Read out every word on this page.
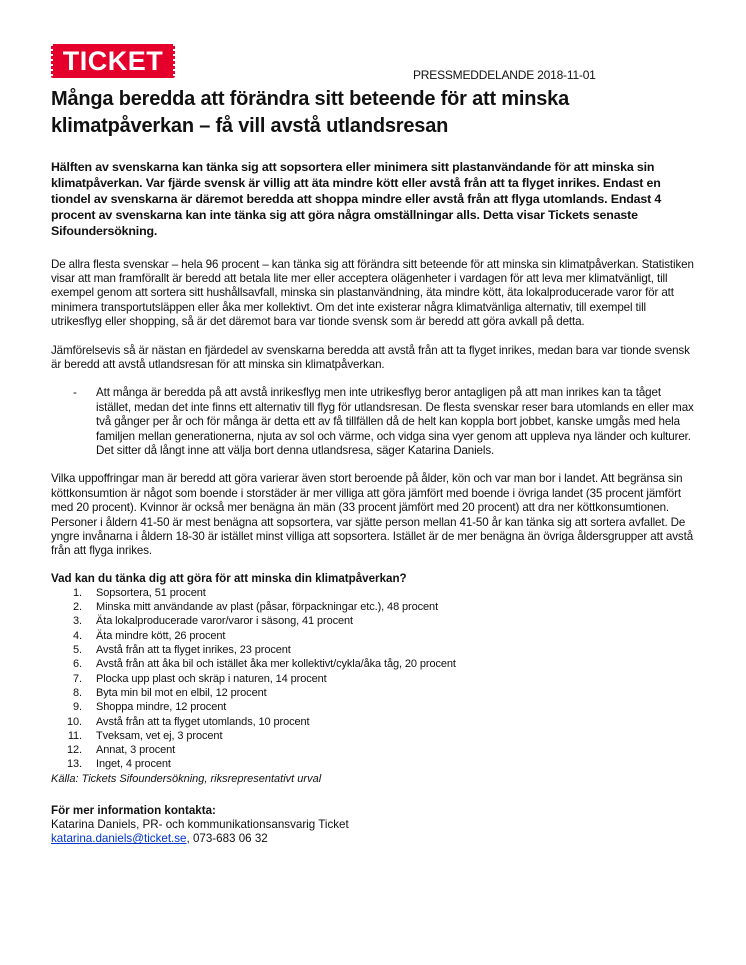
TICKET	PRESSMEDDELANDE 2018-11-01
Många beredda att förändra sitt beteende för att minska klimatpåverkan – få vill avstå utlandsresan

Hälften av svenskarna kan tänka sig att sopsortera eller minimera sitt plastanvändande för att minska sin klimatpåverkan. Var fjärde svensk är villig att äta mindre kött eller avstå från att ta flyget inrikes. Endast en tiondel av svenskarna är däremot beredda att shoppa mindre eller avstå från att flyga utomlands. Endast 4 procent av svenskarna kan inte tänka sig att göra några omställningar alls. Detta visar Tickets senaste Sifoundersökning.

De allra flesta svenskar – hela 96 procent – kan tänka sig att förändra sitt beteende för att minska sin klimatpåverkan. Statistiken visar att man framförallt är beredd att betala lite mer eller acceptera olägenheter i vardagen för att leva mer klimatvänligt, till exempel genom att sortera sitt hushållsavfall, minska sin plastanvändning, äta mindre kött, äta lokalproducerade varor för att minimera transportutsläppen eller åka mer kollektivt. Om det inte existerar några klimatvänliga alternativ, till exempel till utrikesflyg eller shopping, så är det däremot bara var tionde svensk som är beredd att göra avkall på detta.

Jämförelsevis så är nästan en fjärdedel av svenskarna beredda att avstå från att ta flyget inrikes, medan bara var tionde svensk är beredd att avstå utlandsresan för att minska sin klimatpåverkan.

- Att många är beredda på att avstå inrikesflyg men inte utrikesflyg beror antagligen på att man inrikes kan ta tåget istället, medan det inte finns ett alternativ till flyg för utlandsresan. De flesta svenskar reser bara utomlands en eller max två gånger per år och för många är detta ett av få tillfällen då de helt kan koppla bort jobbet, kanske umgås med hela familjen mellan generationerna, njuta av sol och värme, och vidga sina vyer genom att uppleva nya länder och kulturer. Det sitter då långt inne att välja bort denna utlandsresa, säger Katarina Daniels.

Vilka uppoffringar man är beredd att göra varierar även stort beroende på ålder, kön och var man bor i landet. Att begränsa sin köttkonsumtion är något som boende i storstäder är mer villiga att göra jämfört med boende i övriga landet (35 procent jämfört med 20 procent). Kvinnor är också mer benägna än män (33 procent jämfört med 20 procent) att dra ner köttkonsumtionen. Personer i åldern 41-50 är mest benägna att sopsortera, var sjätte person mellan 41-50 år kan tänka sig att sortera avfallet. De yngre invånarna i åldern 18-30 är istället minst villiga att sopsortera. Istället är de mer benägna än övriga åldersgrupper att avstå från att flyga inrikes.

Vad kan du tänka dig att göra för att minska din klimatpåverkan?
1. Sopsortera, 51 procent
2. Minska mitt användande av plast (påsar, förpackningar etc.), 48 procent
3. Äta lokalproducerade varor/varor i säsong, 41 procent
4. Äta mindre kött, 26 procent
5. Avstå från att ta flyget inrikes, 23 procent
6. Avstå från att åka bil och istället åka mer kollektivt/cykla/åka tåg, 20 procent
7. Plocka upp plast och skräp i naturen, 14 procent
8. Byta min bil mot en elbil, 12 procent
9. Shoppa mindre, 12 procent
10. Avstå från att ta flyget utomlands, 10 procent
11. Tveksam, vet ej, 3 procent
12. Annat, 3 procent
13. Inget, 4 procent
Källa: Tickets Sifoundersökning, riksrepresentativt urval
För mer information kontakta:
Katarina Daniels, PR- och kommunikationsansvarig Ticket
katarina.daniels@ticket.se, 073-683 06 32
